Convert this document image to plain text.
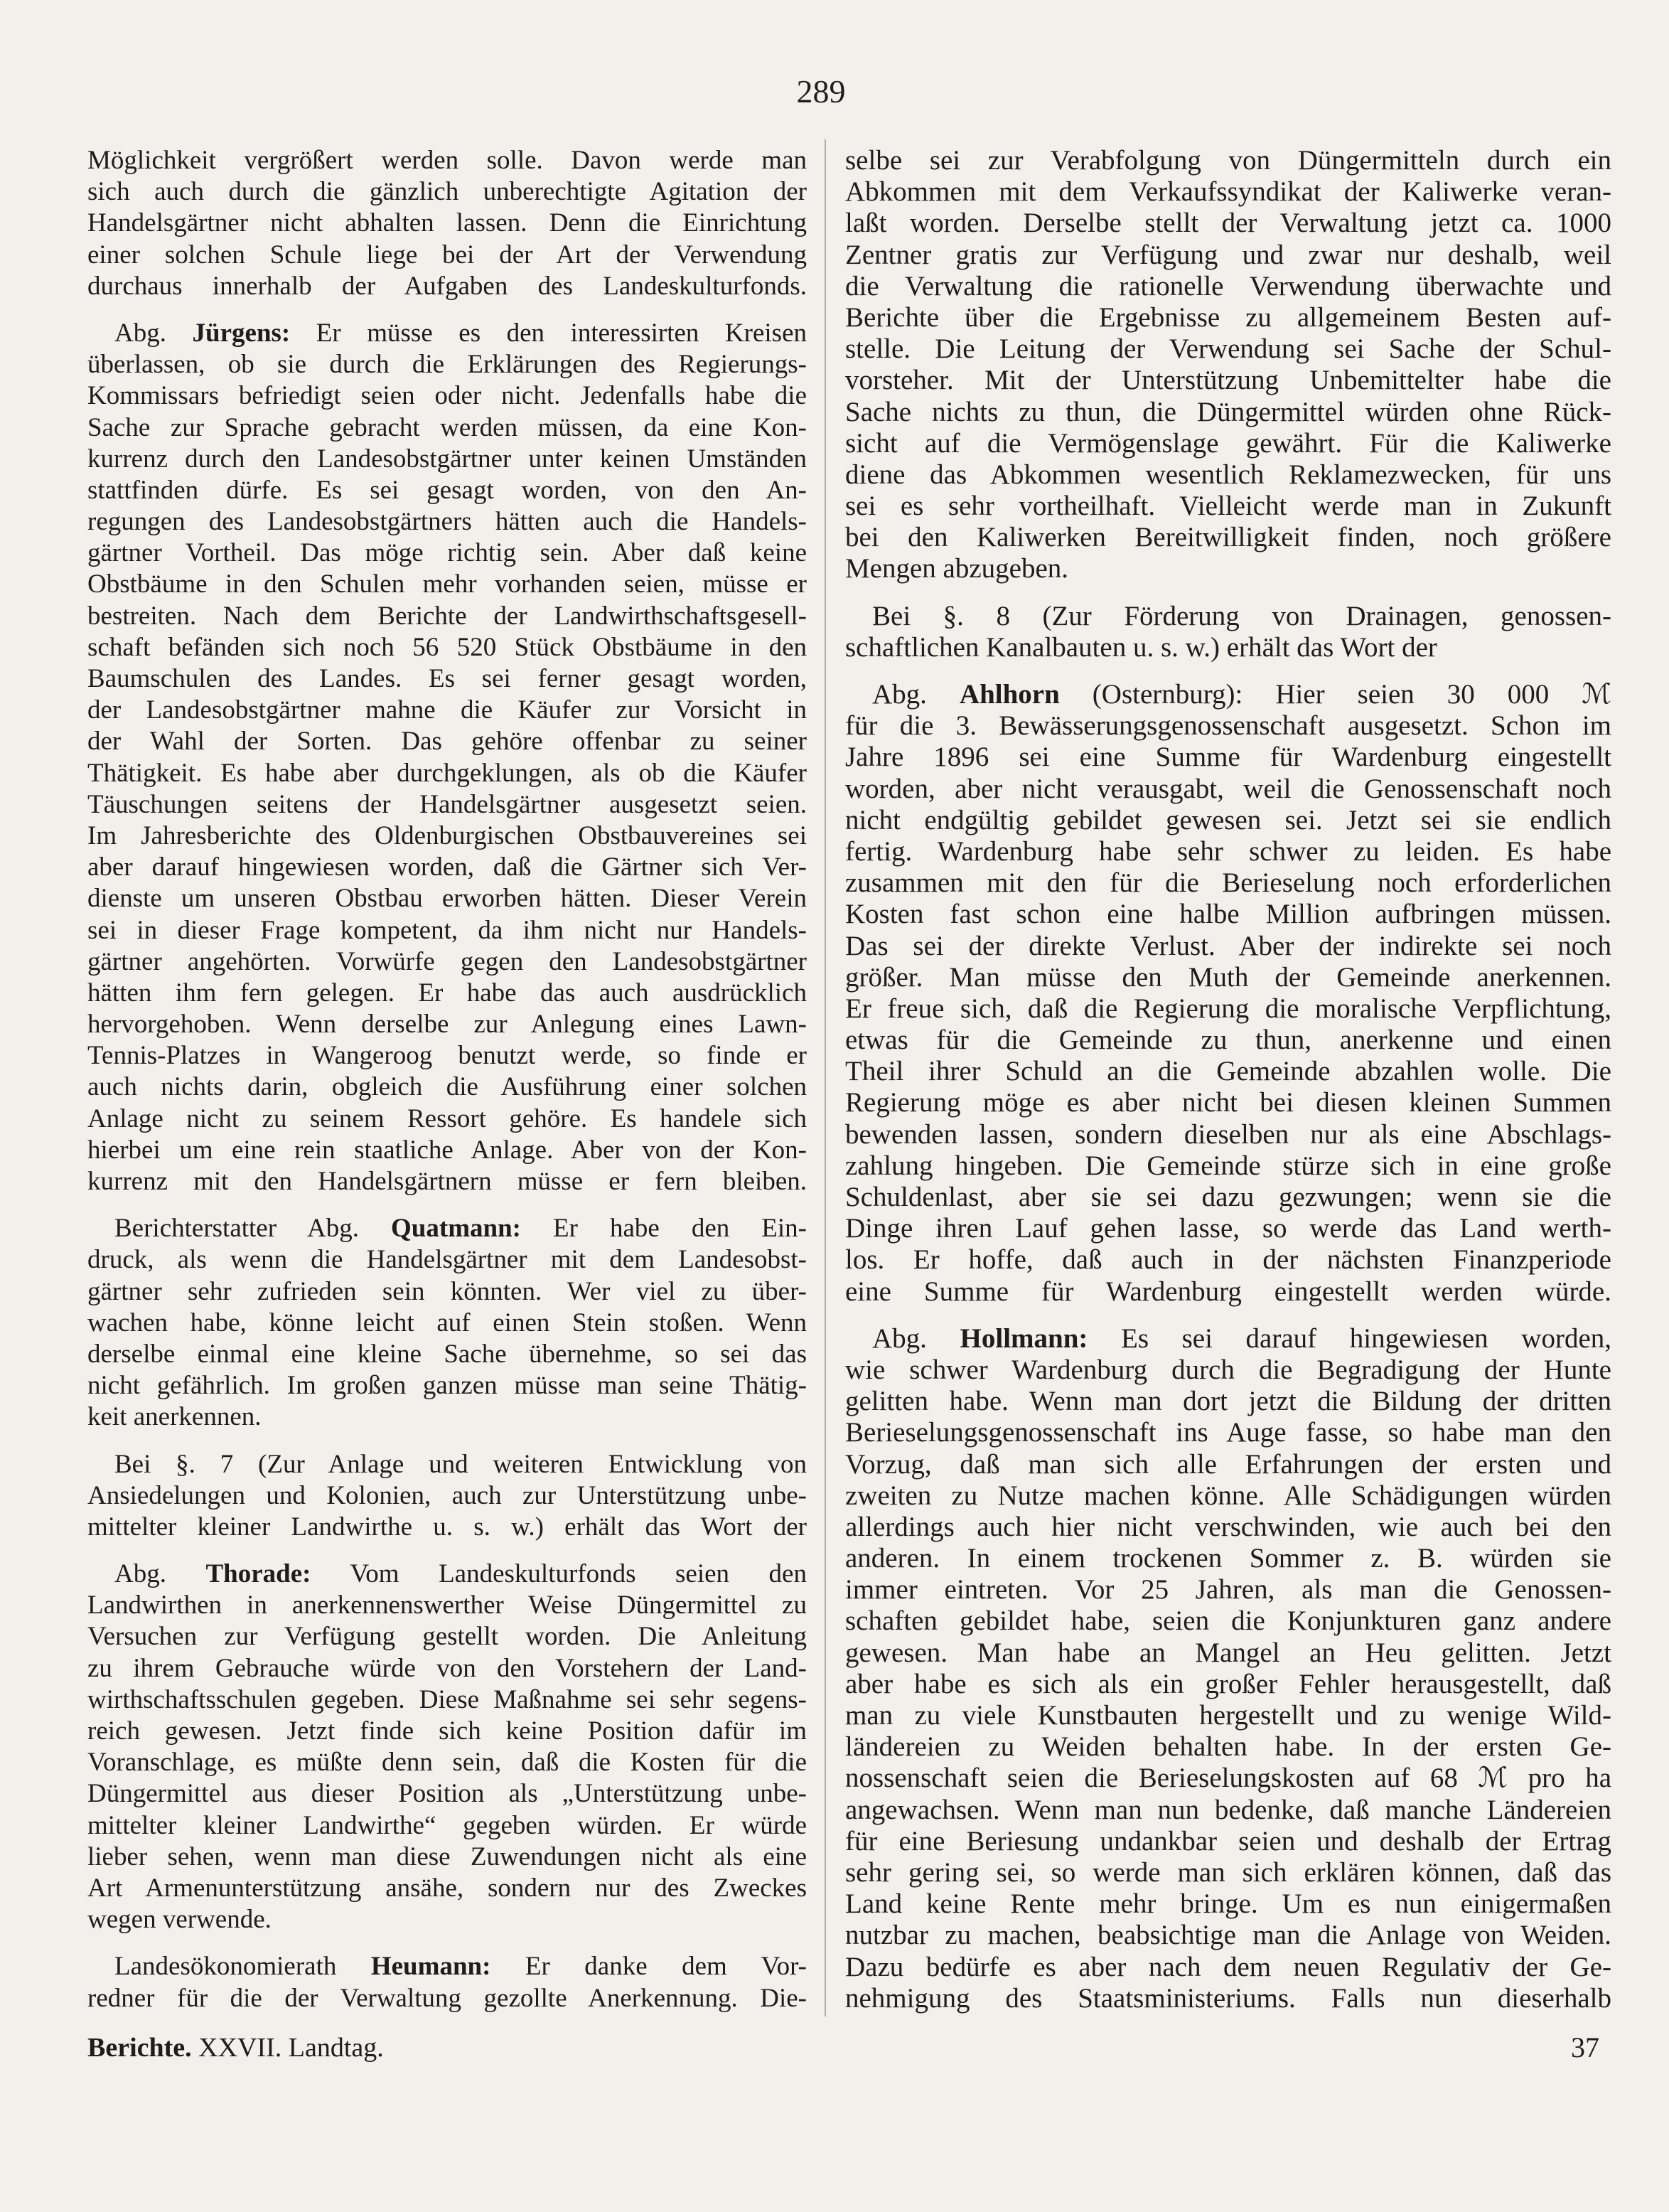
289
Möglichkeit vergrößert werden solle. Davon werde man
sich auch durch die gänzlich unberechtigte Agitation der
Handelsgärtner nicht abhalten lassen. Denn die Einrichtung
einer solchen Schule liege bei der Art der Verwendung
durchaus innerhalb der Aufgaben des Landeskulturfonds.
Abg. Jürgens: Er müsse es den interessirten Kreisen
überlassen, ob sie durch die Erklärungen des Regierungs-
Kommissars befriedigt seien oder nicht. Jedenfalls habe die
Sache zur Sprache gebracht werden müssen, da eine Kon-
kurrenz durch den Landesobstgärtner unter keinen Umständen
stattfinden dürfe. Es sei gesagt worden, von den An-
regungen des Landesobstgärtners hätten auch die Handels-
gärtner Vortheil. Das möge richtig sein. Aber daß keine
Obstbäume in den Schulen mehr vorhanden seien, müsse er
bestreiten. Nach dem Berichte der Landwirthschaftsgesell-
schaft befänden sich noch 56 520 Stück Obstbäume in den
Baumschulen des Landes. Es sei ferner gesagt worden,
der Landesobstgärtner mahne die Käufer zur Vorsicht in
der Wahl der Sorten. Das gehöre offenbar zu seiner
Thätigkeit. Es habe aber durchgeklungen, als ob die Käufer
Täuschungen seitens der Handelsgärtner ausgesetzt seien.
Im Jahresberichte des Oldenburgischen Obstbauvereines sei
aber darauf hingewiesen worden, daß die Gärtner sich Ver-
dienste um unseren Obstbau erworben hätten. Dieser Verein
sei in dieser Frage kompetent, da ihm nicht nur Handels-
gärtner angehörten. Vorwürfe gegen den Landesobstgärtner
hätten ihm fern gelegen. Er habe das auch ausdrücklich
hervorgehoben. Wenn derselbe zur Anlegung eines Lawn-
Tennis-Platzes in Wangeroog benutzt werde, so finde er
auch nichts darin, obgleich die Ausführung einer solchen
Anlage nicht zu seinem Ressort gehöre. Es handele sich
hierbei um eine rein staatliche Anlage. Aber von der Kon-
kurrenz mit den Handelsgärtnern müsse er fern bleiben.
Berichterstatter Abg. Quatmann: Er habe den Ein-
druck, als wenn die Handelsgärtner mit dem Landesobst-
gärtner sehr zufrieden sein könnten. Wer viel zu über-
wachen habe, könne leicht auf einen Stein stoßen. Wenn
derselbe einmal eine kleine Sache übernehme, so sei das
nicht gefährlich. Im großen ganzen müsse man seine Thätig-
keit anerkennen.
Bei §. 7 (Zur Anlage und weiteren Entwicklung von
Ansiedelungen und Kolonien, auch zur Unterstützung unbe-
mittelter kleiner Landwirthe u. s. w.) erhält das Wort der
Abg. Thorade: Vom Landeskulturfonds seien den
Landwirthen in anerkennenswerther Weise Düngermittel zu
Versuchen zur Verfügung gestellt worden. Die Anleitung
zu ihrem Gebrauche würde von den Vorstehern der Land-
wirthschaftsschulen gegeben. Diese Maßnahme sei sehr segens-
reich gewesen. Jetzt finde sich keine Position dafür im
Voranschlage, es müßte denn sein, daß die Kosten für die
Düngermittel aus dieser Position als „Unterstützung unbe-
mittelter kleiner Landwirthe“ gegeben würden. Er würde
lieber sehen, wenn man diese Zuwendungen nicht als eine
Art Armenunterstützung ansähe, sondern nur des Zweckes
wegen verwende.
Landesökonomierath Heumann: Er danke dem Vor-
redner für die der Verwaltung gezollte Anerkennung. Die-
selbe sei zur Verabfolgung von Düngermitteln durch ein
Abkommen mit dem Verkaufssyndikat der Kaliwerke veran-
laßt worden. Derselbe stellt der Verwaltung jetzt ca. 1000
Zentner gratis zur Verfügung und zwar nur deshalb, weil
die Verwaltung die rationelle Verwendung überwachte und
Berichte über die Ergebnisse zu allgemeinem Besten auf-
stelle. Die Leitung der Verwendung sei Sache der Schul-
vorsteher. Mit der Unterstützung Unbemittelter habe die
Sache nichts zu thun, die Düngermittel würden ohne Rück-
sicht auf die Vermögenslage gewährt. Für die Kaliwerke
diene das Abkommen wesentlich Reklamezwecken, für uns
sei es sehr vortheilhaft. Vielleicht werde man in Zukunft
bei den Kaliwerken Bereitwilligkeit finden, noch größere
Mengen abzugeben.
Bei §. 8 (Zur Förderung von Drainagen, genossen-
schaftlichen Kanalbauten u. s. w.) erhält das Wort der
Abg. Ahlhorn (Osternburg): Hier seien 30 000 ℳ
für die 3. Bewässerungsgenossenschaft ausgesetzt. Schon im
Jahre 1896 sei eine Summe für Wardenburg eingestellt
worden, aber nicht verausgabt, weil die Genossenschaft noch
nicht endgültig gebildet gewesen sei. Jetzt sei sie endlich
fertig. Wardenburg habe sehr schwer zu leiden. Es habe
zusammen mit den für die Berieselung noch erforderlichen
Kosten fast schon eine halbe Million aufbringen müssen.
Das sei der direkte Verlust. Aber der indirekte sei noch
größer. Man müsse den Muth der Gemeinde anerkennen.
Er freue sich, daß die Regierung die moralische Verpflichtung,
etwas für die Gemeinde zu thun, anerkenne und einen
Theil ihrer Schuld an die Gemeinde abzahlen wolle. Die
Regierung möge es aber nicht bei diesen kleinen Summen
bewenden lassen, sondern dieselben nur als eine Abschlags-
zahlung hingeben. Die Gemeinde stürze sich in eine große
Schuldenlast, aber sie sei dazu gezwungen; wenn sie die
Dinge ihren Lauf gehen lasse, so werde das Land werth-
los. Er hoffe, daß auch in der nächsten Finanzperiode
eine Summe für Wardenburg eingestellt werden würde.
Abg. Hollmann: Es sei darauf hingewiesen worden,
wie schwer Wardenburg durch die Begradigung der Hunte
gelitten habe. Wenn man dort jetzt die Bildung der dritten
Berieselungsgenossenschaft ins Auge fasse, so habe man den
Vorzug, daß man sich alle Erfahrungen der ersten und
zweiten zu Nutze machen könne. Alle Schädigungen würden
allerdings auch hier nicht verschwinden, wie auch bei den
anderen. In einem trockenen Sommer z. B. würden sie
immer eintreten. Vor 25 Jahren, als man die Genossen-
schaften gebildet habe, seien die Konjunkturen ganz andere
gewesen. Man habe an Mangel an Heu gelitten. Jetzt
aber habe es sich als ein großer Fehler herausgestellt, daß
man zu viele Kunstbauten hergestellt und zu wenige Wild-
ländereien zu Weiden behalten habe. In der ersten Ge-
nossenschaft seien die Berieselungskosten auf 68 ℳ pro ha
angewachsen. Wenn man nun bedenke, daß manche Ländereien
für eine Beriesung undankbar seien und deshalb der Ertrag
sehr gering sei, so werde man sich erklären können, daß das
Land keine Rente mehr bringe. Um es nun einigermaßen
nutzbar zu machen, beabsichtige man die Anlage von Weiden.
Dazu bedürfe es aber nach dem neuen Regulativ der Ge-
nehmigung des Staatsministeriums. Falls nun dieserhalb
Berichte. XXVII. Landtag.	37
